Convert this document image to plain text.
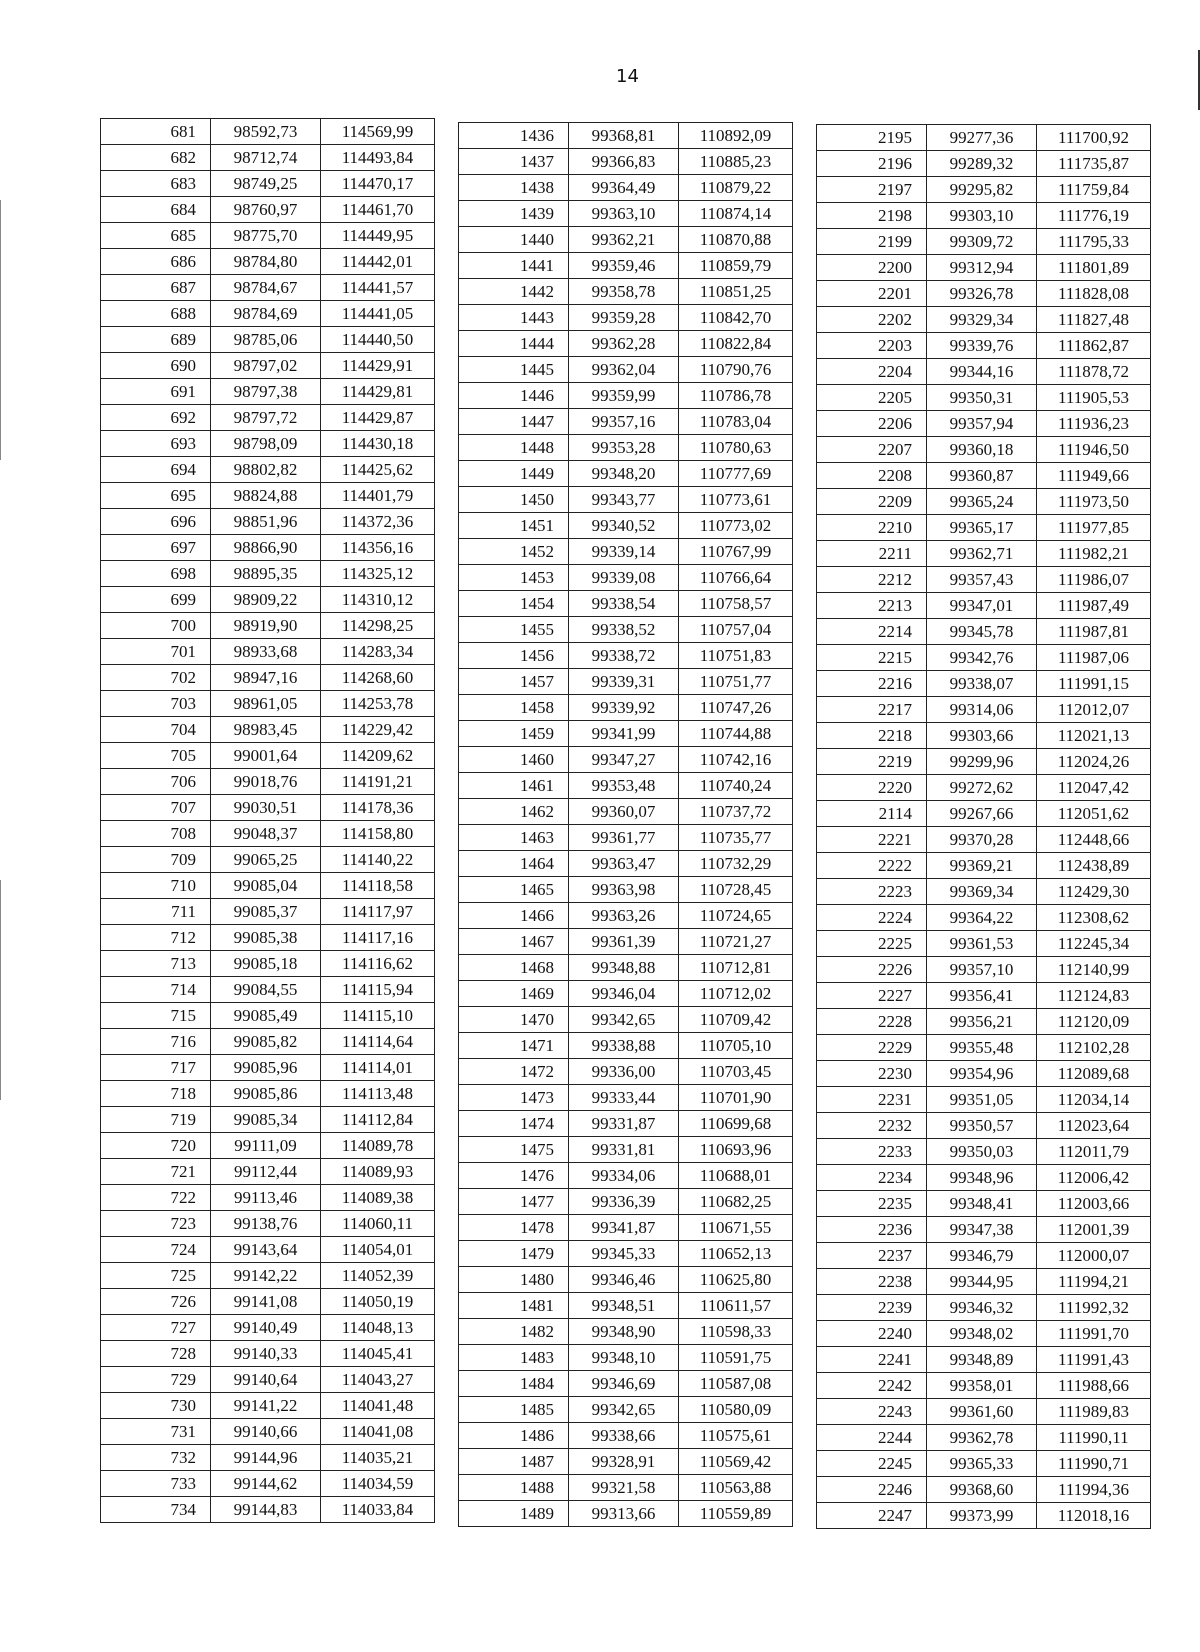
14
681	98592,73	114569,99
682	98712,74	114493,84
683	98749,25	114470,17
684	98760,97	114461,70
685	98775,70	114449,95
686	98784,80	114442,01
687	98784,67	114441,57
688	98784,69	114441,05
689	98785,06	114440,50
690	98797,02	114429,91
691	98797,38	114429,81
692	98797,72	114429,87
693	98798,09	114430,18
694	98802,82	114425,62
695	98824,88	114401,79
696	98851,96	114372,36
697	98866,90	114356,16
698	98895,35	114325,12
699	98909,22	114310,12
700	98919,90	114298,25
701	98933,68	114283,34
702	98947,16	114268,60
703	98961,05	114253,78
704	98983,45	114229,42
705	99001,64	114209,62
706	99018,76	114191,21
707	99030,51	114178,36
708	99048,37	114158,80
709	99065,25	114140,22
710	99085,04	114118,58
711	99085,37	114117,97
712	99085,38	114117,16
713	99085,18	114116,62
714	99084,55	114115,94
715	99085,49	114115,10
716	99085,82	114114,64
717	99085,96	114114,01
718	99085,86	114113,48
719	99085,34	114112,84
720	99111,09	114089,78
721	99112,44	114089,93
722	99113,46	114089,38
723	99138,76	114060,11
724	99143,64	114054,01
725	99142,22	114052,39
726	99141,08	114050,19
727	99140,49	114048,13
728	99140,33	114045,41
729	99140,64	114043,27
730	99141,22	114041,48
731	99140,66	114041,08
732	99144,96	114035,21
733	99144,62	114034,59
734	99144,83	114033,84
1436	99368,81	110892,09
1437	99366,83	110885,23
1438	99364,49	110879,22
1439	99363,10	110874,14
1440	99362,21	110870,88
1441	99359,46	110859,79
1442	99358,78	110851,25
1443	99359,28	110842,70
1444	99362,28	110822,84
1445	99362,04	110790,76
1446	99359,99	110786,78
1447	99357,16	110783,04
1448	99353,28	110780,63
1449	99348,20	110777,69
1450	99343,77	110773,61
1451	99340,52	110773,02
1452	99339,14	110767,99
1453	99339,08	110766,64
1454	99338,54	110758,57
1455	99338,52	110757,04
1456	99338,72	110751,83
1457	99339,31	110751,77
1458	99339,92	110747,26
1459	99341,99	110744,88
1460	99347,27	110742,16
1461	99353,48	110740,24
1462	99360,07	110737,72
1463	99361,77	110735,77
1464	99363,47	110732,29
1465	99363,98	110728,45
1466	99363,26	110724,65
1467	99361,39	110721,27
1468	99348,88	110712,81
1469	99346,04	110712,02
1470	99342,65	110709,42
1471	99338,88	110705,10
1472	99336,00	110703,45
1473	99333,44	110701,90
1474	99331,87	110699,68
1475	99331,81	110693,96
1476	99334,06	110688,01
1477	99336,39	110682,25
1478	99341,87	110671,55
1479	99345,33	110652,13
1480	99346,46	110625,80
1481	99348,51	110611,57
1482	99348,90	110598,33
1483	99348,10	110591,75
1484	99346,69	110587,08
1485	99342,65	110580,09
1486	99338,66	110575,61
1487	99328,91	110569,42
1488	99321,58	110563,88
1489	99313,66	110559,89
2195	99277,36	111700,92
2196	99289,32	111735,87
2197	99295,82	111759,84
2198	99303,10	111776,19
2199	99309,72	111795,33
2200	99312,94	111801,89
2201	99326,78	111828,08
2202	99329,34	111827,48
2203	99339,76	111862,87
2204	99344,16	111878,72
2205	99350,31	111905,53
2206	99357,94	111936,23
2207	99360,18	111946,50
2208	99360,87	111949,66
2209	99365,24	111973,50
2210	99365,17	111977,85
2211	99362,71	111982,21
2212	99357,43	111986,07
2213	99347,01	111987,49
2214	99345,78	111987,81
2215	99342,76	111987,06
2216	99338,07	111991,15
2217	99314,06	112012,07
2218	99303,66	112021,13
2219	99299,96	112024,26
2220	99272,62	112047,42
2114	99267,66	112051,62
2221	99370,28	112448,66
2222	99369,21	112438,89
2223	99369,34	112429,30
2224	99364,22	112308,62
2225	99361,53	112245,34
2226	99357,10	112140,99
2227	99356,41	112124,83
2228	99356,21	112120,09
2229	99355,48	112102,28
2230	99354,96	112089,68
2231	99351,05	112034,14
2232	99350,57	112023,64
2233	99350,03	112011,79
2234	99348,96	112006,42
2235	99348,41	112003,66
2236	99347,38	112001,39
2237	99346,79	112000,07
2238	99344,95	111994,21
2239	99346,32	111992,32
2240	99348,02	111991,70
2241	99348,89	111991,43
2242	99358,01	111988,66
2243	99361,60	111989,83
2244	99362,78	111990,11
2245	99365,33	111990,71
2246	99368,60	111994,36
2247	99373,99	112018,16
